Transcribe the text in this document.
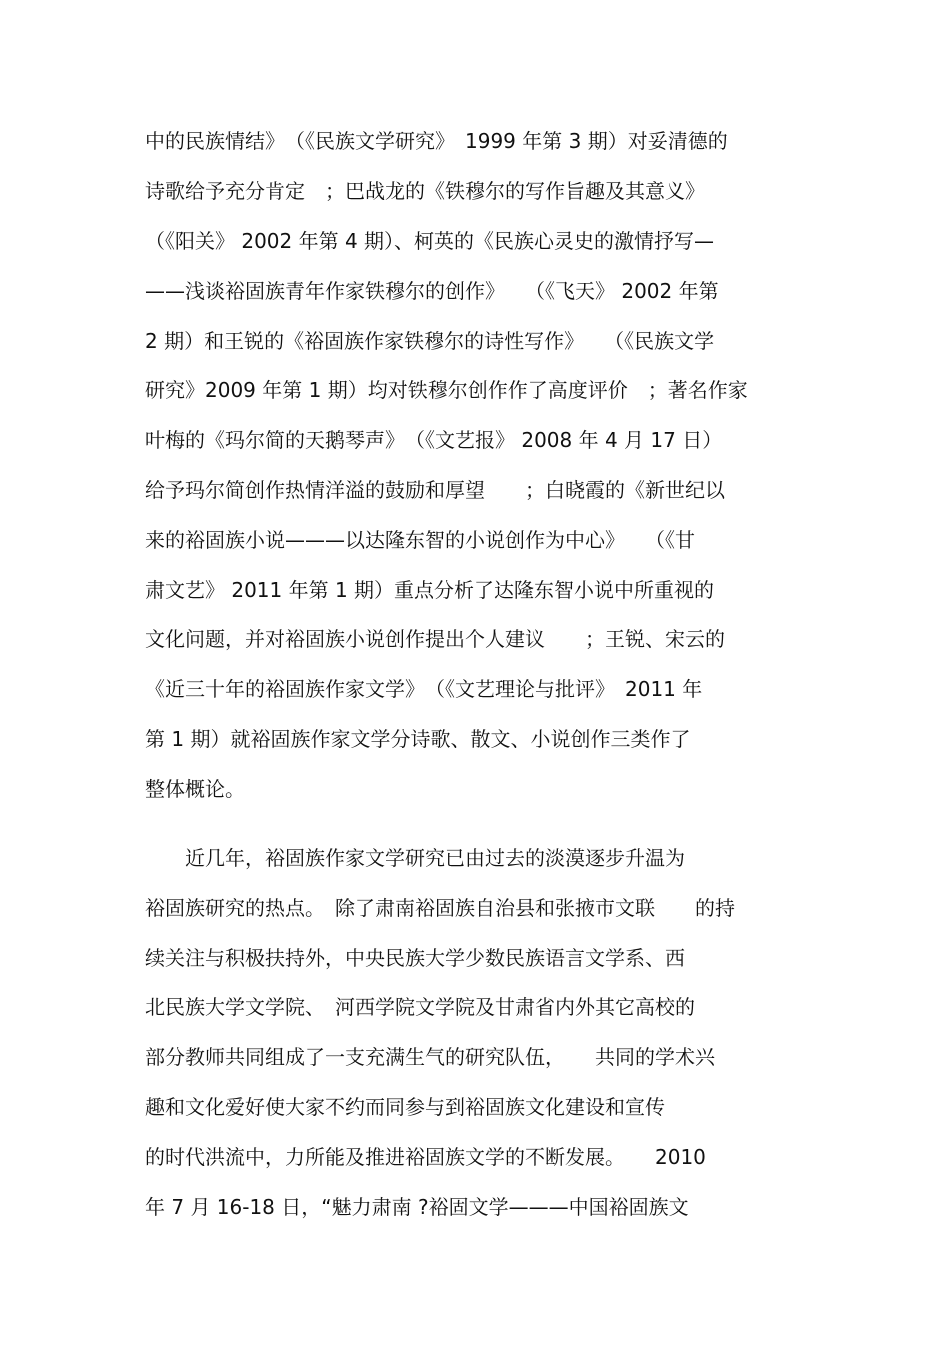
中的民族情结》　（《民族文学研究》　1999 年第 3 期）对妥清德的

诗歌给予充分肯定　；巴战龙的《铁穆尔的写作旨趣及其意义》

（《阳关》 2002 年第 4 期）、柯英的《民族心灵史的激情抒写—

——浅谈裕固族青年作家铁穆尔的创作》　　（《飞天》 2002 年第

2 期）和王锐的《裕固族作家铁穆尔的诗性写作》　　（《民族文学

研究》2009 年第 1 期）均对铁穆尔创作作了高度评价　；著名作家

叶梅的《玛尔简的天鹅琴声》　（《文艺报》 2008 年 4 月 17 日）

给予玛尔简创作热情洋溢的鼓励和厚望　　；白晓霞的《新世纪以

来的裕固族小说———以达隆东智的小说创作为中心》　　（《甘

肃文艺》 2011 年第 1 期）重点分析了达隆东智小说中所重视的

文化问题，并对裕固族小说创作提出个人建议　　；王锐、宋云的

《近三十年的裕固族作家文学》　（《文艺理论与批评》　2011 年

第 1 期）就裕固族作家文学分诗歌、散文、小说创作三类作了

整体概论。

　　近几年，裕固族作家文学研究已由过去的淡漠逐步升温为

裕固族研究的热点。　除了肃南裕固族自治县和张掖市文联　　的持

续关注与积极扶持外，中央民族大学少数民族语言文学系、西

北民族大学文学院、　河西学院文学院及甘肃省内外其它高校的

部分教师共同组成了一支充满生气的研究队伍，　　共同的学术兴

趣和文化爱好使大家不约而同参与到裕固族文化建设和宣传

的时代洪流中，力所能及推进裕固族文学的不断发展。　　2010

年 7 月 16-18 日，“魅力肃南 ?裕固文学———中国裕固族文
